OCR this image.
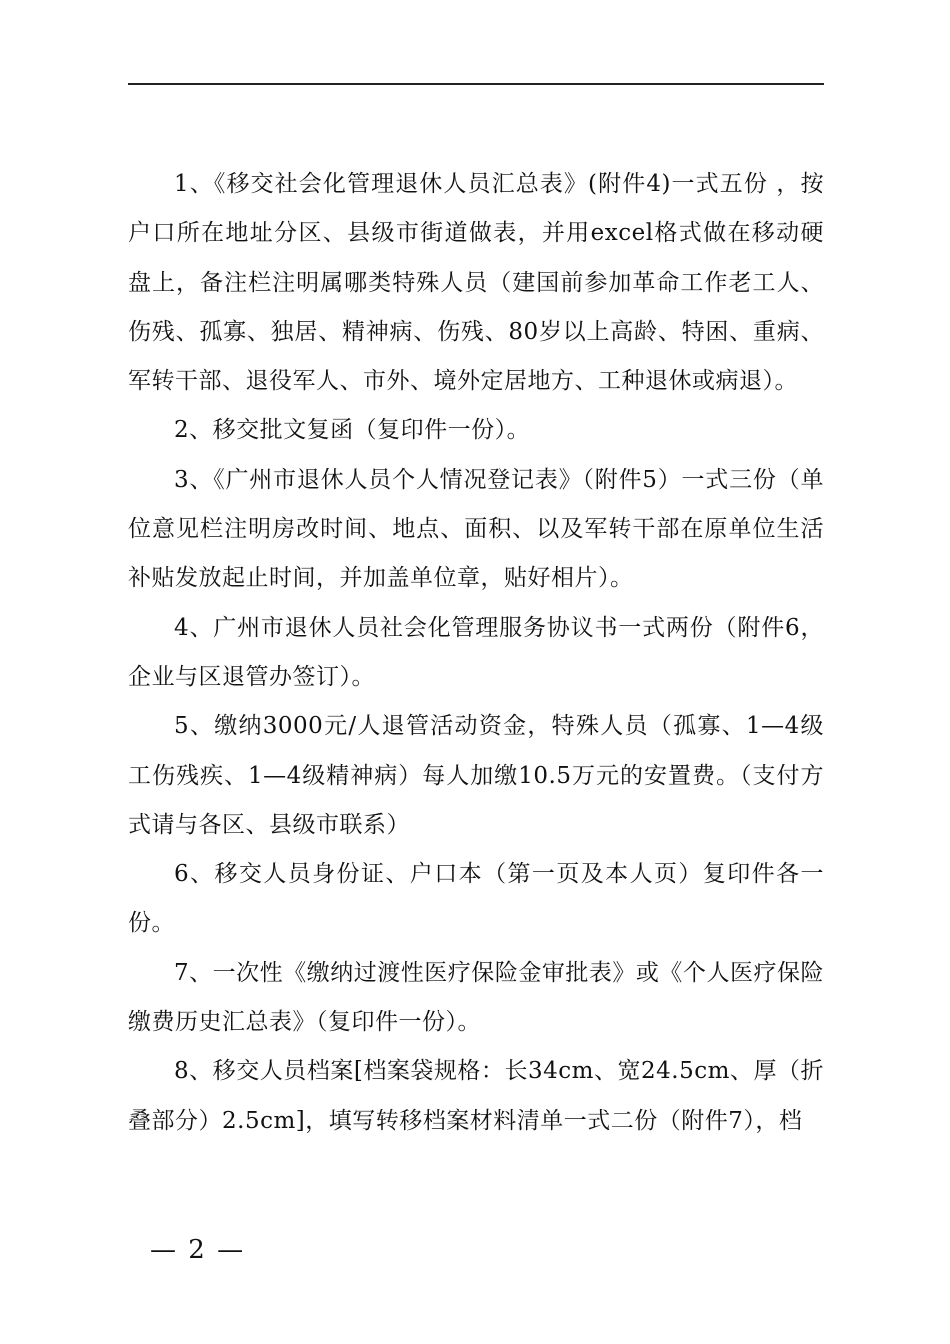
1、《移交社会化管理退休人员汇总表》(附件4)一式五份 ，按户口所在地址分区、县级市街道做表，并用excel格式做在移动硬盘上，备注栏注明属哪类特殊人员（建国前参加革命工作老工人、伤残、孤寡、独居、精神病、伤残、80岁以上高龄、特困、重病、军转干部、退役军人、市外、境外定居地方、工种退休或病退）。

2、移交批文复函（复印件一份）。

3、《广州市退休人员个人情况登记表》（附件5）一式三份（单位意见栏注明房改时间、地点、面积、以及军转干部在原单位生活补贴发放起止时间，并加盖单位章，贴好相片）。

4、广州市退休人员社会化管理服务协议书一式两份（附件6，企业与区退管办签订）。

5、缴纳3000元/人退管活动资金，特殊人员（孤寡、1—4级工伤残疾、1—4级精神病）每人加缴10.5万元的安置费。（支付方式请与各区、县级市联系）

6、移交人员身份证、户口本（第一页及本人页）复印件各一份。

7、一次性《缴纳过渡性医疗保险金审批表》或《个人医疗保险缴费历史汇总表》（复印件一份）。

8、移交人员档案[档案袋规格：长34cm、宽24.5cm、厚（折叠部分）2.5cm]，填写转移档案材料清单一式二份（附件7），档

— 2 —
